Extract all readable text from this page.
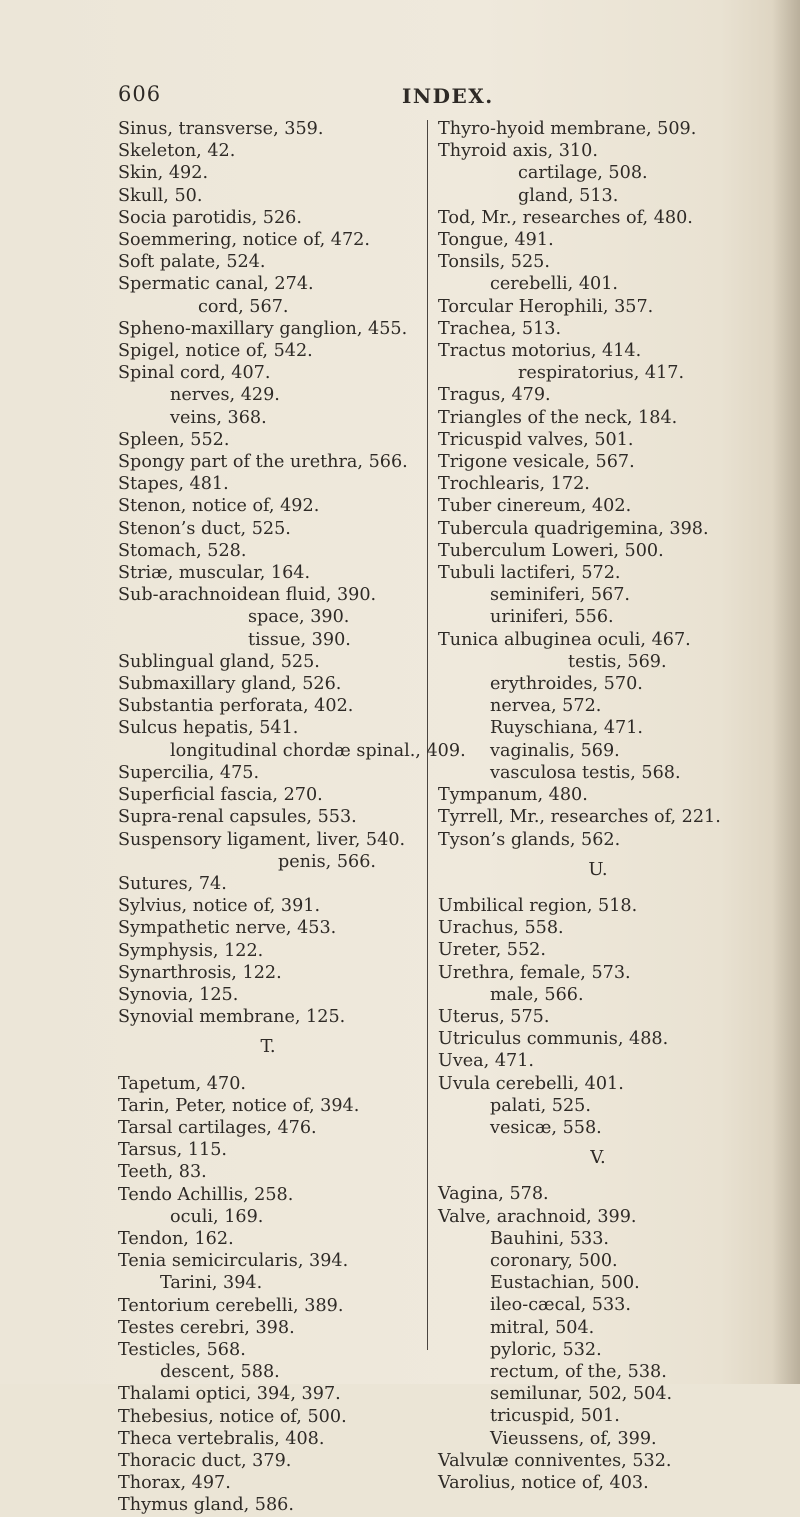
606	INDEX.
Sinus, transverse, 359.
Skeleton, 42.
Skin, 492.
Skull, 50.
Socia parotidis, 526.
Soemmering, notice of, 472.
Soft palate, 524.
Spermatic canal, 274.
cord, 567.
Spheno-maxillary ganglion, 455.
Spigel, notice of, 542.
Spinal cord, 407.
nerves, 429.
veins, 368.
Spleen, 552.
Spongy part of the urethra, 566.
Stapes, 481.
Stenon, notice of, 492.
Stenon’s duct, 525.
Stomach, 528.
Striæ, muscular, 164.
Sub-arachnoidean fluid, 390.
space, 390.
tissue, 390.
Sublingual gland, 525.
Submaxillary gland, 526.
Substantia perforata, 402.
Sulcus hepatis, 541.
longitudinal chordæ spinal., 409.
Supercilia, 475.
Superficial fascia, 270.
Supra-renal capsules, 553.
Suspensory ligament, liver, 540.
penis, 566.
Sutures, 74.
Sylvius, notice of, 391.
Sympathetic nerve, 453.
Symphysis, 122.
Synarthrosis, 122.
Synovia, 125.
Synovial membrane, 125.
T.
Tapetum, 470.
Tarin, Peter, notice of, 394.
Tarsal cartilages, 476.
Tarsus, 115.
Teeth, 83.
Tendo Achillis, 258.
oculi, 169.
Tendon, 162.
Tenia semicircularis, 394.
Tarini, 394.
Tentorium cerebelli, 389.
Testes cerebri, 398.
Testicles, 568.
descent, 588.
Thalami optici, 394, 397.
Thebesius, notice of, 500.
Theca vertebralis, 408.
Thoracic duct, 379.
Thorax, 497.
Thymus gland, 586.
Thyro-hyoid membrane, 509.
Thyroid axis, 310.
cartilage, 508.
gland, 513.
Tod, Mr., researches of, 480.
Tongue, 491.
Tonsils, 525.
cerebelli, 401.
Torcular Herophili, 357.
Trachea, 513.
Tractus motorius, 414.
respiratorius, 417.
Tragus, 479.
Triangles of the neck, 184.
Tricuspid valves, 501.
Trigone vesicale, 567.
Trochlearis, 172.
Tuber cinereum, 402.
Tubercula quadrigemina, 398.
Tuberculum Loweri, 500.
Tubuli lactiferi, 572.
seminiferi, 567.
uriniferi, 556.
Tunica albuginea oculi, 467.
testis, 569.
erythroides, 570.
nervea, 572.
Ruyschiana, 471.
vaginalis, 569.
vasculosa testis, 568.
Tympanum, 480.
Tyrrell, Mr., researches of, 221.
Tyson’s glands, 562.
U.
Umbilical region, 518.
Urachus, 558.
Ureter, 552.
Urethra, female, 573.
male, 566.
Uterus, 575.
Utriculus communis, 488.
Uvea, 471.
Uvula cerebelli, 401.
palati, 525.
vesicæ, 558.
V.
Vagina, 578.
Valve, arachnoid, 399.
Bauhini, 533.
coronary, 500.
Eustachian, 500.
ileo-cæcal, 533.
mitral, 504.
pyloric, 532.
rectum, of the, 538.
semilunar, 502, 504.
tricuspid, 501.
Vieussens, of, 399.
Valvulæ conniventes, 532.
Varolius, notice of, 403.
